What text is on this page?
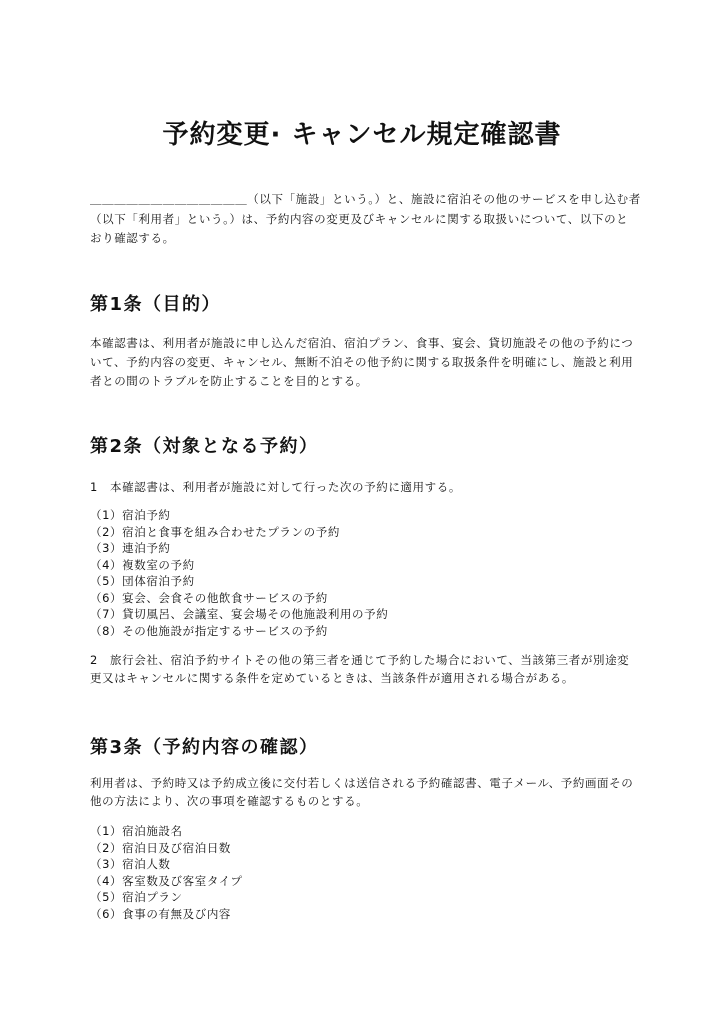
予約変更· キャンセル規定確認書
＿＿＿＿＿＿＿＿＿＿＿＿＿（以下「施設」という。）と、施設に宿泊その他のサービスを申し込む者
（以下「利用者」という。）は、予約内容の変更及びキャンセルに関する取扱いについて、以下のと
おり確認する。
第1条（目的）
本確認書は、利用者が施設に申し込んだ宿泊、宿泊プラン、食事、宴会、貸切施設その他の予約につ
いて、予約内容の変更、キャンセル、無断不泊その他予約に関する取扱条件を明確にし、施設と利用
者との間のトラブルを防止することを目的とする。
第2条（対象となる予約）
1　本確認書は、利用者が施設に対して行った次の予約に適用する。
（1）宿泊予約
（2）宿泊と食事を組み合わせたプランの予約
（3）連泊予約
（4）複数室の予約
（5）団体宿泊予約
（6）宴会、会食その他飲食サービスの予約
（7）貸切風呂、会議室、宴会場その他施設利用の予約
（8）その他施設が指定するサービスの予約
2　旅行会社、宿泊予約サイトその他の第三者を通じて予約した場合において、当該第三者が別途変
更又はキャンセルに関する条件を定めているときは、当該条件が適用される場合がある。
第3条（予約内容の確認）
利用者は、予約時又は予約成立後に交付若しくは送信される予約確認書、電子メール、予約画面その
他の方法により、次の事項を確認するものとする。
（1）宿泊施設名
（2）宿泊日及び宿泊日数
（3）宿泊人数
（4）客室数及び客室タイプ
（5）宿泊プラン
（6）食事の有無及び内容
